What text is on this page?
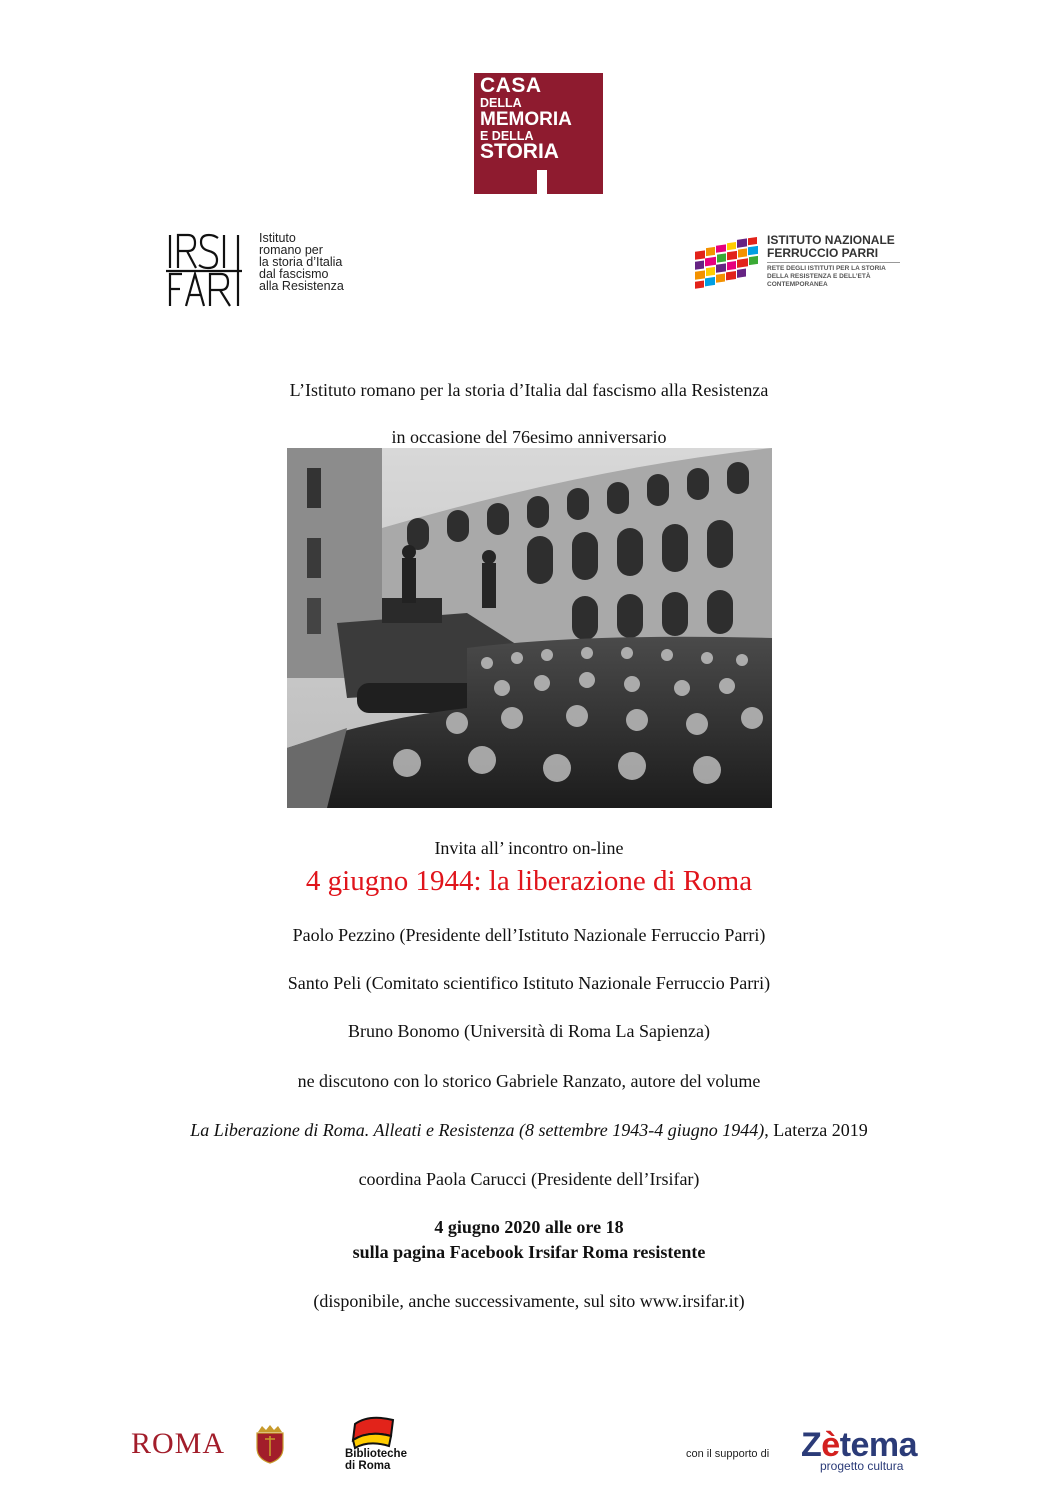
CASA
DELLA
MEMORIA
E DELLA
STORIA
Istituto
romano per
la storia d’Italia
dal fascismo
alla Resistenza
ISTITUTO NAZIONALE
FERRUCCIO PARRI
RETE DEGLI ISTITUTI PER LA STORIA
DELLA RESISTENZA E DELL’ETÀ
CONTEMPORANEA
L’Istituto romano per la storia d’Italia dal fascismo alla Resistenza
in occasione del 76esimo anniversario
Invita all’ incontro on-line
4 giugno 1944: la liberazione di Roma
Paolo Pezzino (Presidente dell’Istituto Nazionale Ferruccio Parri)
Santo Peli (Comitato scientifico Istituto Nazionale Ferruccio Parri)
Bruno Bonomo (Università di Roma La Sapienza)
ne discutono con lo storico Gabriele Ranzato, autore del volume
La Liberazione di Roma. Alleati e Resistenza (8 settembre 1943-4 giugno 1944), Laterza 2019
coordina Paola Carucci (Presidente dell’Irsifar)
4 giugno 2020 alle ore 18
sulla pagina Facebook Irsifar Roma resistente
(disponibile, anche successivamente, sul sito www.irsifar.it)
ROMA	Biblioteche
di Roma
con il supporto di Zètema
progetto cultura
